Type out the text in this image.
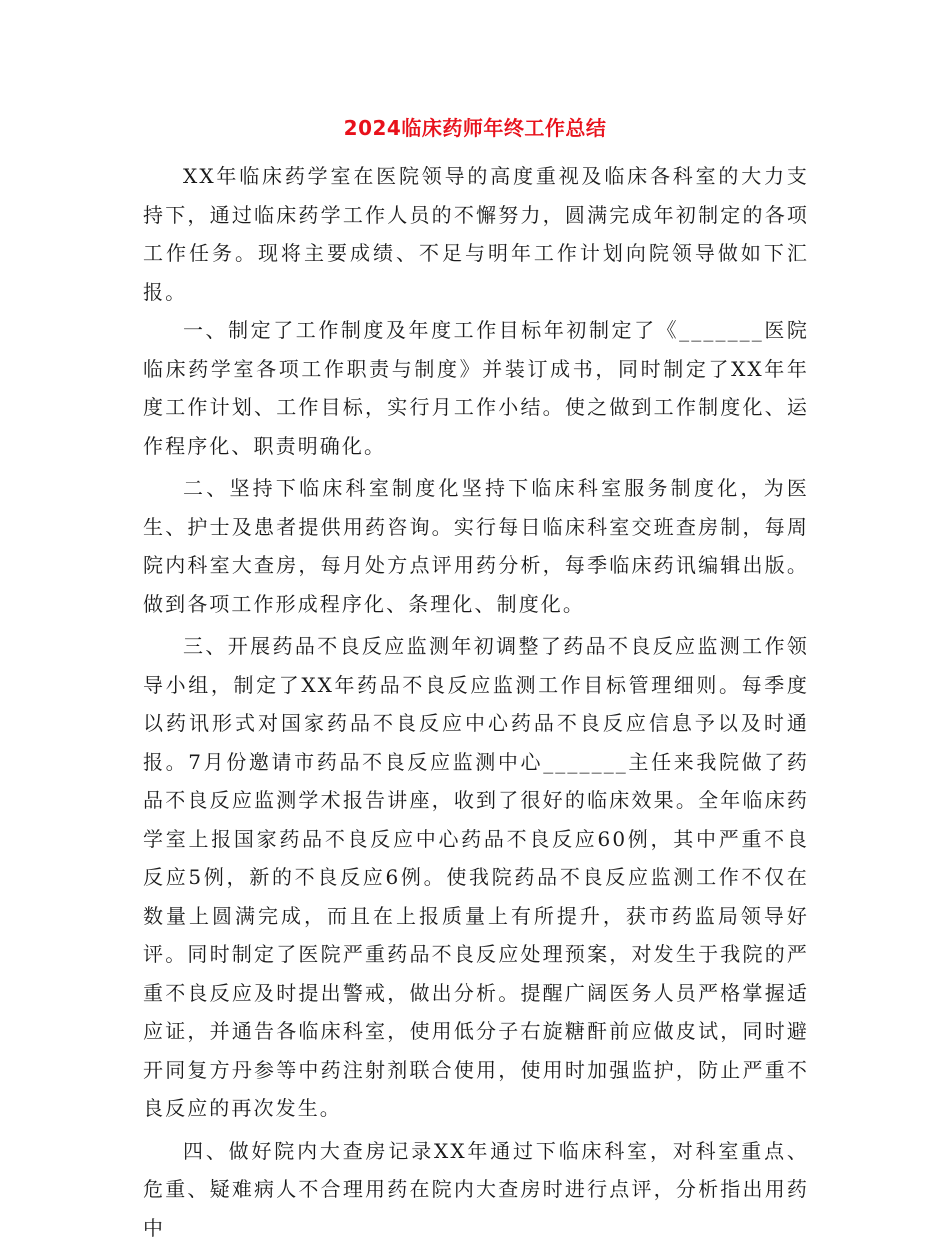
2024临床药师年终工作总结

XX年临床药学室在医院领导的高度重视及临床各科室的大力支持下，通过临床药学工作人员的不懈努力，圆满完成年初制定的各项工作任务。现将主要成绩、不足与明年工作计划向院领导做如下汇报。

一、制定了工作制度及年度工作目标年初制定了《_______医院临床药学室各项工作职责与制度》并装订成书，同时制定了XX年年度工作计划、工作目标，实行月工作小结。使之做到工作制度化、运作程序化、职责明确化。

二、坚持下临床科室制度化坚持下临床科室服务制度化，为医生、护士及患者提供用药咨询。实行每日临床科室交班查房制，每周院内科室大查房，每月处方点评用药分析，每季临床药讯编辑出版。做到各项工作形成程序化、条理化、制度化。

三、开展药品不良反应监测年初调整了药品不良反应监测工作领导小组，制定了XX年药品不良反应监测工作目标管理细则。每季度以药讯形式对国家药品不良反应中心药品不良反应信息予以及时通报。7月份邀请市药品不良反应监测中心_______主任来我院做了药品不良反应监测学术报告讲座，收到了很好的临床效果。全年临床药学室上报国家药品不良反应中心药品不良反应60例，其中严重不良反应5例，新的不良反应6例。使我院药品不良反应监测工作不仅在数量上圆满完成，而且在上报质量上有所提升，获市药监局领导好评。同时制定了医院严重药品不良反应处理预案，对发生于我院的严重不良反应及时提出警戒，做出分析。提醒广阔医务人员严格掌握适应证，并通告各临床科室，使用低分子右旋糖酐前应做皮试，同时避开同复方丹参等中药注射剂联合使用，使用时加强监护，防止严重不良反应的再次发生。

四、做好院内大查房记录XX年通过下临床科室，对科室重点、危重、疑难病人不合理用药在院内大查房时进行点评，分析指出用药中
